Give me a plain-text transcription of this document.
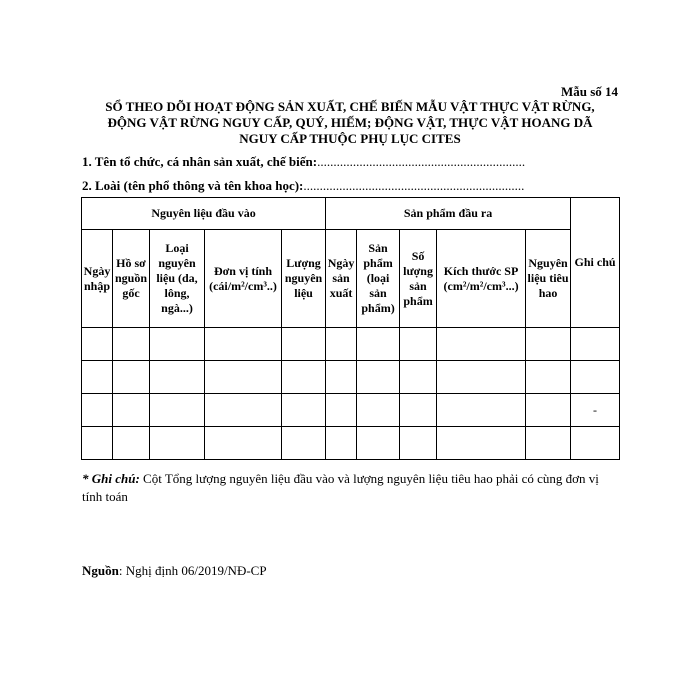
Mẫu số 14
SỔ THEO DÕI HOẠT ĐỘNG SẢN XUẤT, CHẾ BIẾN MẪU VẬT THỰC VẬT RỪNG,
ĐỘNG VẬT RỪNG NGUY CẤP, QUÝ, HIẾM; ĐỘNG VẬT, THỰC VẬT HOANG DÃ
NGUY CẤP THUỘC PHỤ LỤC CITES
1. Tên tổ chức, cá nhân sản xuất, chế biến:................................................................
2. Loài (tên phổ thông và tên khoa học):....................................................................
Nguyên liệu đầu vào					Sản phẩm đầu ra					Ghi chú
Ngày nhập	Hồ sơ nguồn gốc	Loại nguyên liệu (da, lông, ngà...)	Đơn vị tính (cái/m²/cm³..)	Lượng nguyên liệu	Ngày sản xuất	Sản phẩm (loại sản phẩm)	Số lượng sản phẩm	Kích thước SP (cm²/m²/cm³...)	Nguyên liệu tiêu hao	

										-

* Ghi chú: Cột Tổng lượng nguyên liệu đầu vào và lượng nguyên liệu tiêu hao phải có cùng đơn vị tính toán
Nguồn: Nghị định 06/2019/NĐ-CP
